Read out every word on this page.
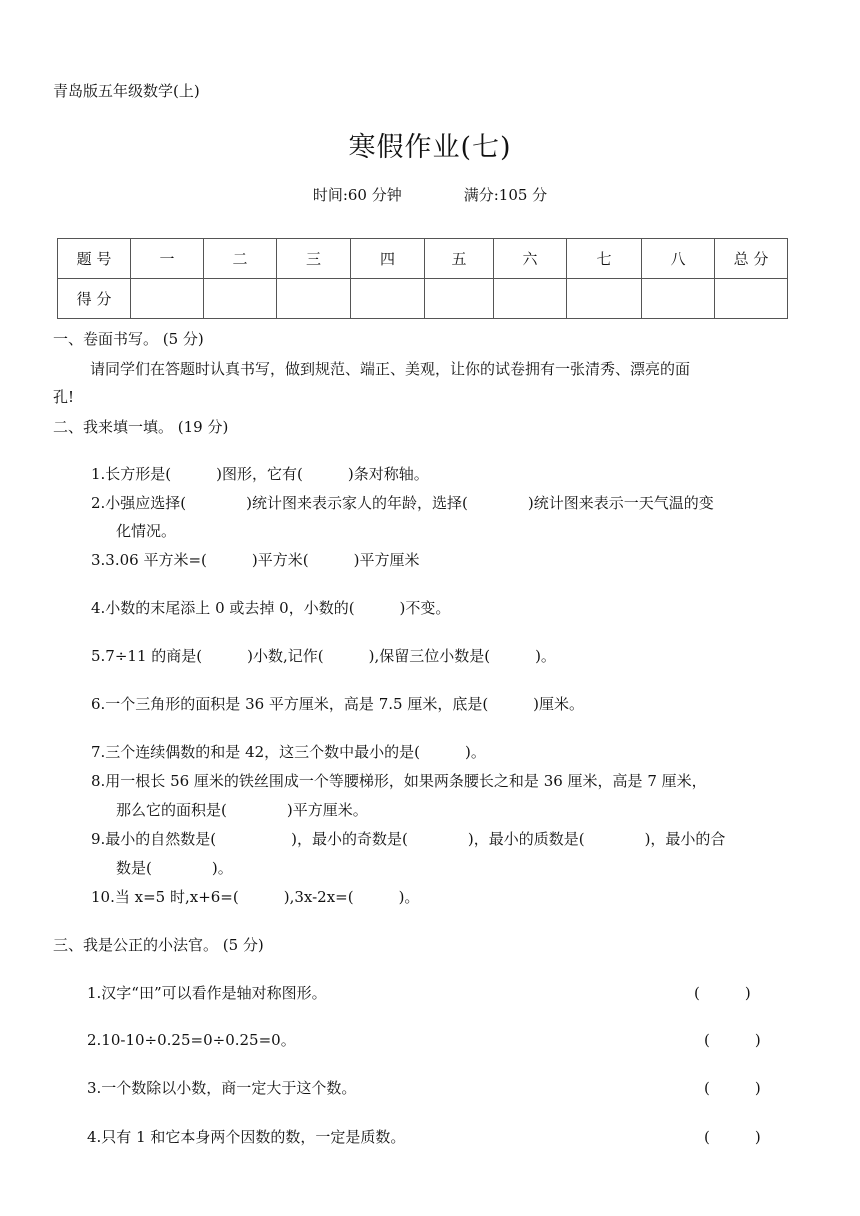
青岛版五年级数学(上)
寒假作业(七)
时间:60 分钟	满分:105 分
题 号	一	二	三	四	五	六	七	八	总 分
得 分									
一、卷面书写。 (5 分)
请同学们在答题时认真书写，做到规范、端正、美观，让你的试卷拥有一张清秀、漂亮的面
孔!
二、我来填一填。 (19 分)
1.长方形是(　　　)图形，它有(　　　)条对称轴。
2.小强应选择(　　　　)统计图来表示家人的年龄，选择(　　　　)统计图来表示一天气温的变
化情况。
3.3.06 平方米=(　　　)平方米(　　　)平方厘米
4.小数的末尾添上 0 或去掉 0，小数的(　　　)不变。
5.7÷11 的商是(　　　)小数,记作(　　　),保留三位小数是(　　　)。
6.一个三角形的面积是 36 平方厘米，高是 7.5 厘米，底是(　　　)厘米。
7.三个连续偶数的和是 42，这三个数中最小的是(　　　)。
8.用一根长 56 厘米的铁丝围成一个等腰梯形，如果两条腰长之和是 36 厘米，高是 7 厘米，
那么它的面积是(　　　　)平方厘米。
9.最小的自然数是(　　　　　)，最小的奇数是(　　　　)，最小的质数是(　　　　)，最小的合
数是(　　　　)。
10.当 x=5 时,x+6=(　　　),3x-2x=(　　　)。
三、我是公正的小法官。 (5 分)
1.汉字“田”可以看作是轴对称图形。	(　　　)
2.10-10÷0.25=0÷0.25=0。	(　　　)
3.一个数除以小数，商一定大于这个数。	(　　　)
4.只有 1 和它本身两个因数的数，一定是质数。	(　　　)
